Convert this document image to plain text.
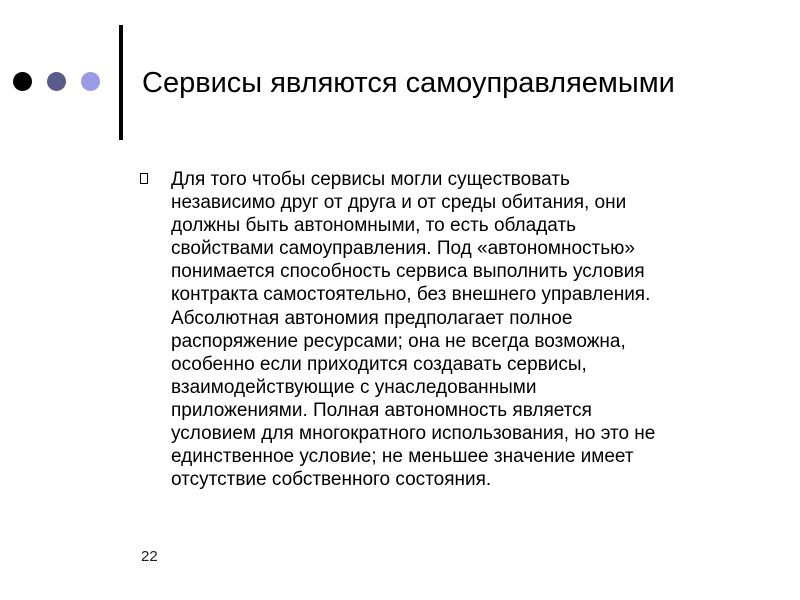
Сервисы являются самоуправляемыми

Для того чтобы сервисы могли существовать
независимо друг от друга и от среды обитания, они
должны быть автономными, то есть обладать
свойствами самоуправления. Под «автономностью»
понимается способность сервиса выполнить условия
контракта самостоятельно, без внешнего управления.
Абсолютная автономия предполагает полное
распоряжение ресурсами; она не всегда возможна,
особенно если приходится создавать сервисы,
взаимодействующие с унаследованными
приложениями. Полная автономность является
условием для многократного использования, но это не
единственное условие; не меньшее значение имеет
отсутствие собственного состояния.

22
